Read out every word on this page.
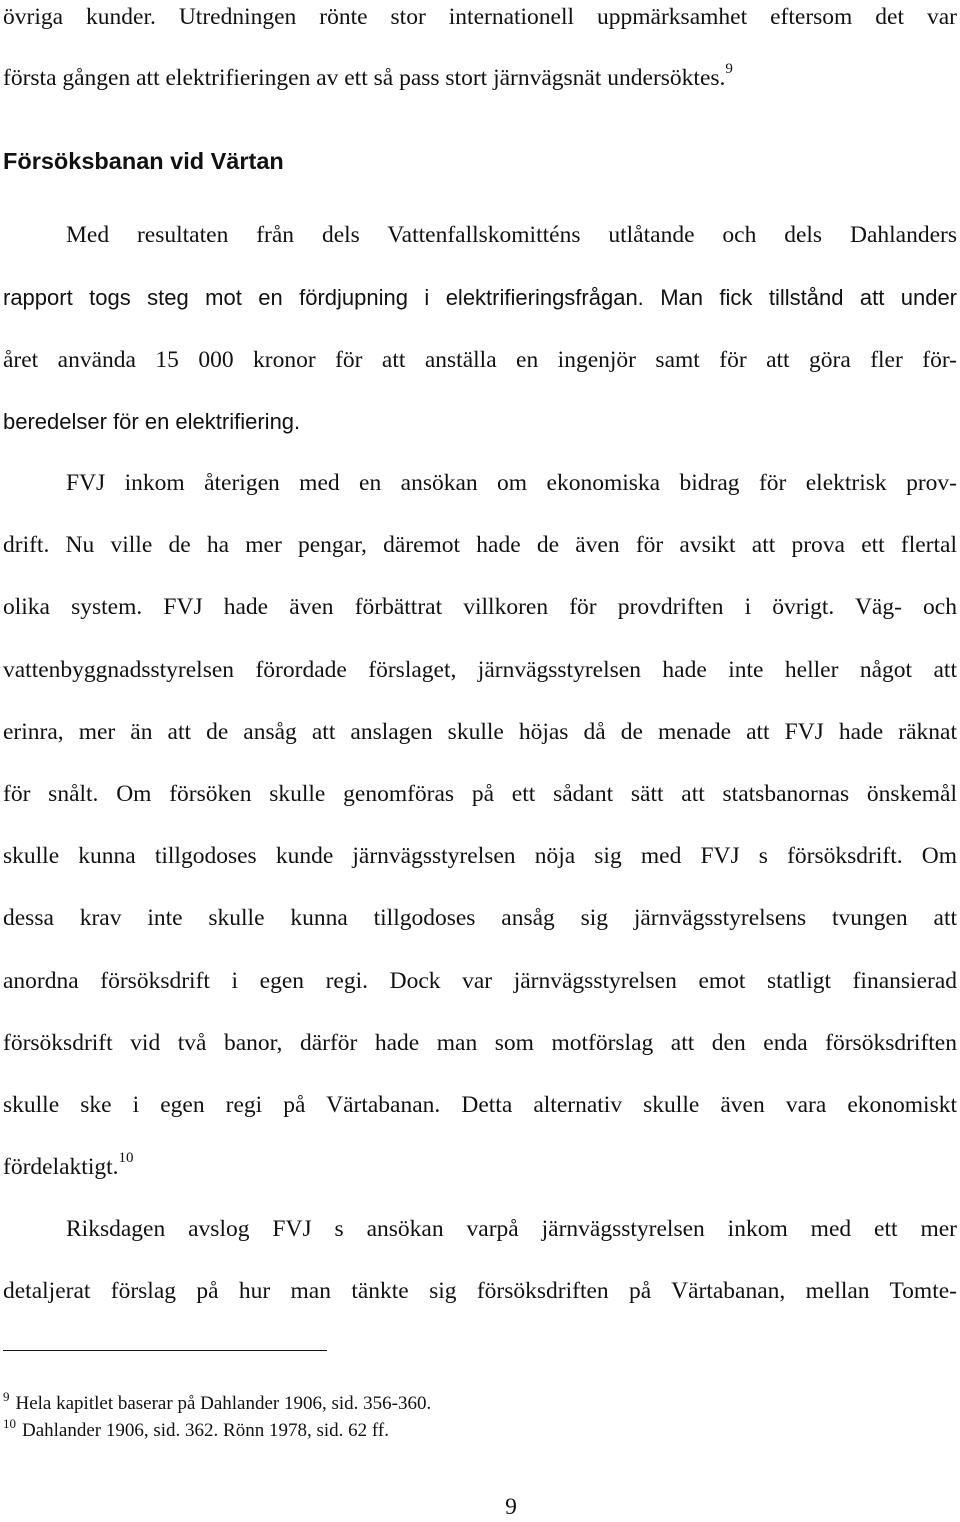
övriga kunder. Utredningen rönte stor internationell uppmärksamhet eftersom det var
första gången att elektrifieringen av ett så pass stort järnvägsnät undersöktes.$^9$
Försöksbanan vid Värtan
Med resultaten från dels Vattenfallskomitténs utlåtande och dels Dahlanders
rapport togs steg mot en fördjupning i elektrifieringsfrågan. Man fick tillstånd att under
året använda 15 000 kronor för att anställa en ingenjör samt för att göra fler för-
beredelser för en elektrifiering.
FVJ inkom återigen med en ansökan om ekonomiska bidrag för elektrisk prov-
drift. Nu ville de ha mer pengar, däremot hade de även för avsikt att prova ett flertal
olika system. FVJ hade även förbättrat villkoren för provdriften i övrigt. Väg- och
vattenbyggnadsstyrelsen förordade förslaget, järnvägsstyrelsen hade inte heller något att
erinra, mer än att de ansåg att anslagen skulle höjas då de menade att FVJ hade räknat
för snålt. Om försöken skulle genomföras på ett sådant sätt att statsbanornas önskemål
skulle kunna tillgodoses kunde järnvägsstyrelsen nöja sig med FVJ s försöksdrift. Om
dessa krav inte skulle kunna tillgodoses ansåg sig järnvägsstyrelsens tvungen att
anordna försöksdrift i egen regi. Dock var järnvägsstyrelsen emot statligt finansierad
försöksdrift vid två banor, därför hade man som motförslag att den enda försöksdriften
skulle ske i egen regi på Värtabanan. Detta alternativ skulle även vara ekonomiskt
fördelaktigt.$^{10}$
Riksdagen avslog FVJ s ansökan varpå järnvägsstyrelsen inkom med ett mer
detaljerat förslag på hur man tänkte sig försöksdriften på Värtabanan, mellan Tomte-
$^9$ Hela kapitlet baserar på Dahlander 1906, sid. 356-360.
$^{10}$ Dahlander 1906, sid. 362. Rönn 1978, sid. 62 ff.
9
